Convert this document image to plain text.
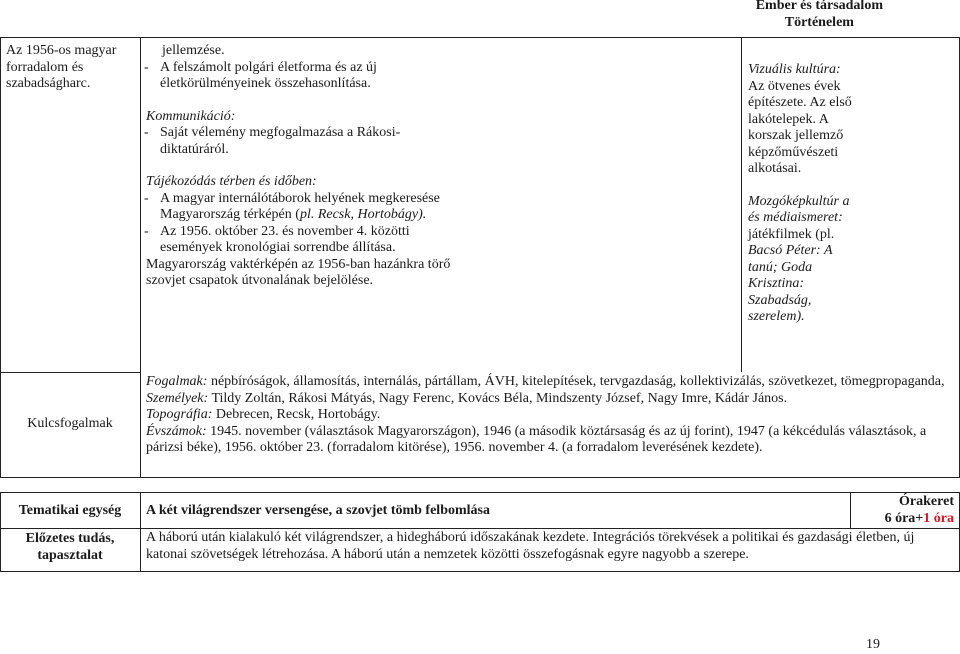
Ember és társadalom
Történelem
Az 1956-os magyar forradalom és szabadságharc.
jellemzése.
- A felszámolt polgári életforma és az új életkörülményeinek összehasonlítása.
Kommunikáció:
- Saját vélemény megfogalmazása a Rákosi-diktatúráról.
Tájékozódás térben és időben:
- A magyar internálótáborok helyének megkeresése Magyarország térképén (pl. Recsk, Hortobágy).
- Az 1956. október 23. és november 4. közötti események kronológiai sorrendbe állítása.
Magyarország vaktérképén az 1956-ban hazánkra törő szovjet csapatok útvonalának bejelölése.
Vizuális kultúra:
Az ötvenes évek
építészete. Az első lakótelepek. A korszak jellemző képzőművészeti alkotásai.
Mozgóképkultúr a és médiaismeret:
játékfilmek (pl.
Bacsó Péter: A tanú; Goda Krisztina: Szabadság, szerelem).
Kulcsfogalmak
Fogalmak: népbíróságok, államosítás, internálás, pártállam, ÁVH, kitelepítések, tervgazdaság, kollektivizálás, szövetkezet, tömegpropaganda,
Személyek: Tildy Zoltán, Rákosi Mátyás, Nagy Ferenc, Kovács Béla, Mindszenty József, Nagy Imre, Kádár János.
Topográfia: Debrecen, Recsk, Hortobágy.
Évszámok: 1945. november (választások Magyarországon), 1946 (a második köztársaság és az új forint), 1947 (a kékcédulás választások, a párizsi béke), 1956. október 23. (forradalom kitörése), 1956. november 4. (a forradalom leverésének kezdete).
Tematikai egység	A két világrendszer versengése, a szovjet tömb felbomlása
Órakeret
6 óra+1 óra
Előzetes tudás, tapasztalat
A háború után kialakuló két világrendszer, a hidegháború időszakának kezdete. Integrációs törekvések a politikai és gazdasági életben, új katonai szövetségek létrehozása. A háború után a nemzetek közötti összefogásnak egyre nagyobb a szerepe.
19
